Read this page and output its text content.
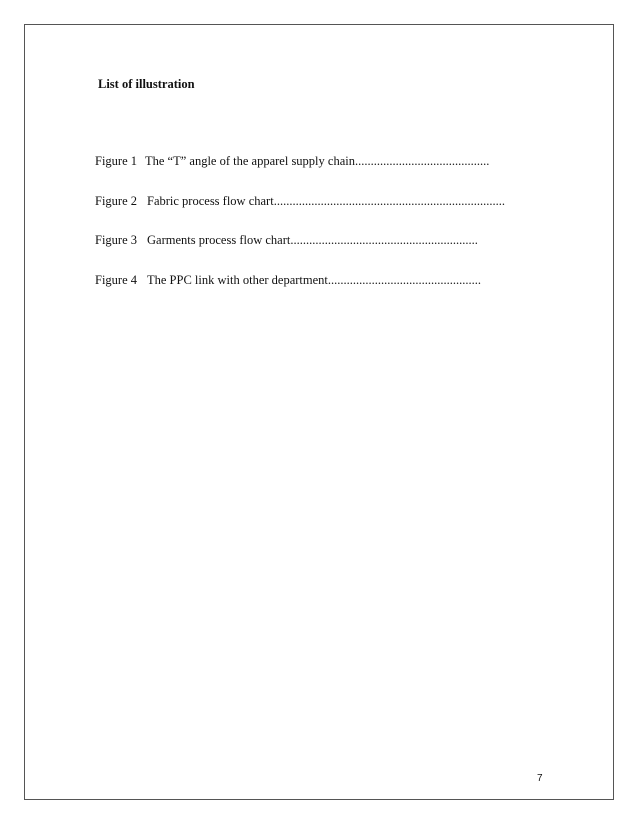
List of illustration
Figure 1 The “T” angle of the apparel supply chain...........................................
Figure 2 Fabric process flow chart..........................................................................
Figure 3 Garments process flow chart............................................................
Figure 4 The PPC link with other department.................................................
7
